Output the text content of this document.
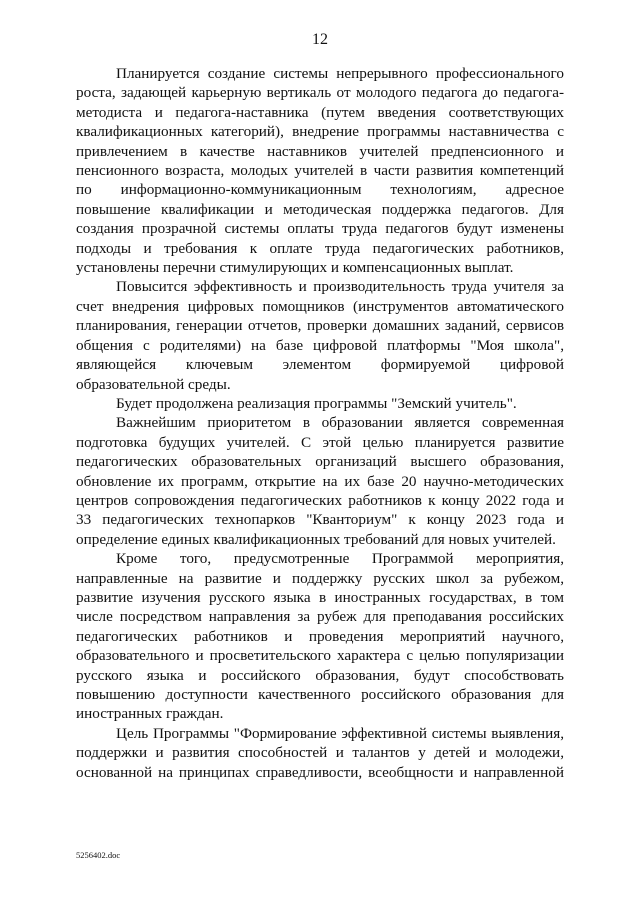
12

Планируется создание системы непрерывного профессионального роста, задающей карьерную вертикаль от молодого педагога до педагога-методиста и педагога-наставника (путем введения соответствующих квалификационных категорий), внедрение программы наставничества с привлечением в качестве наставников учителей предпенсионного и пенсионного возраста, молодых учителей в части развития компетенций по информационно-коммуникационным технологиям, адресное повышение квалификации и методическая поддержка педагогов. Для создания прозрачной системы оплаты труда педагогов будут изменены подходы и требования к оплате труда педагогических работников, установлены перечни стимулирующих и компенсационных выплат.

Повысится эффективность и производительность труда учителя за счет внедрения цифровых помощников (инструментов автоматического планирования, генерации отчетов, проверки домашних заданий, сервисов общения с родителями) на базе цифровой платформы "Моя школа", являющейся ключевым элементом формируемой цифровой образовательной среды.

Будет продолжена реализация программы "Земский учитель".

Важнейшим приоритетом в образовании является современная подготовка будущих учителей. С этой целью планируется развитие педагогических образовательных организаций высшего образования, обновление их программ, открытие на их базе 20 научно-методических центров сопровождения педагогических работников к концу 2022 года и 33 педагогических технопарков "Кванториум" к концу 2023 года и определение единых квалификационных требований для новых учителей.

Кроме того, предусмотренные Программой мероприятия, направленные на развитие и поддержку русских школ за рубежом, развитие изучения русского языка в иностранных государствах, в том числе посредством направления за рубеж для преподавания российских педагогических работников и проведения мероприятий научного, образовательного и просветительского характера с целью популяризации русского языка и российского образования, будут способствовать повышению доступности качественного российского образования для иностранных граждан.

Цель Программы "Формирование эффективной системы выявления, поддержки и развития способностей и талантов у детей и молодежи, основанной на принципах справедливости, всеобщности и направленной

5256402.doc
